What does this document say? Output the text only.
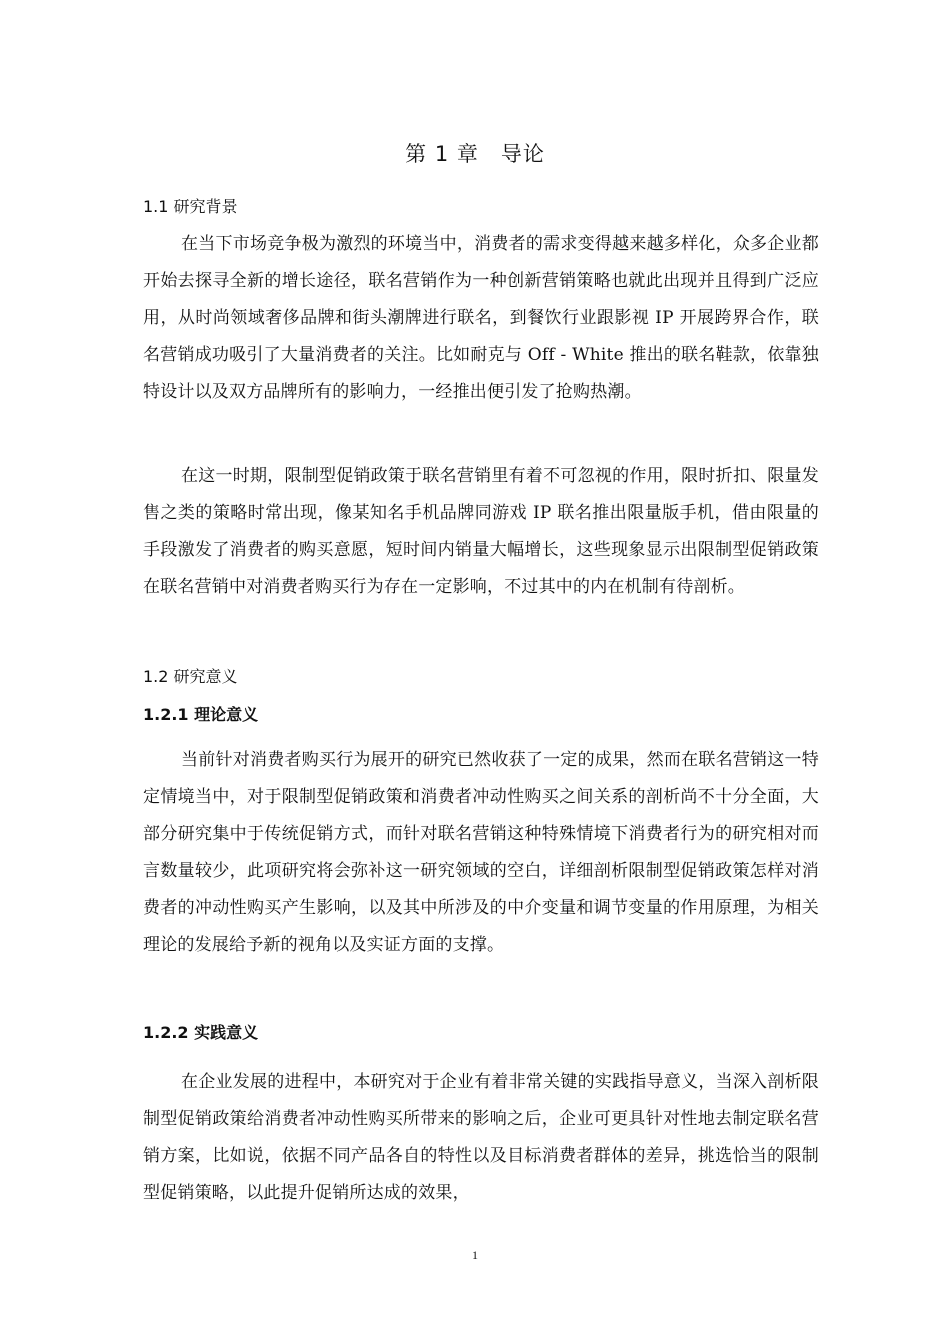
第 1 章　导论
1.1 研究背景

在当下市场竞争极为激烈的环境当中，消费者的需求变得越来越多样化，众多企业都开始去探寻全新的增长途径，联名营销作为一种创新营销策略也就此出现并且得到广泛应用，从时尚领域奢侈品牌和街头潮牌进行联名，到餐饮行业跟影视 IP 开展跨界合作，联名营销成功吸引了大量消费者的关注。比如耐克与 Off - White 推出的联名鞋款，依靠独特设计以及双方品牌所有的影响力，一经推出便引发了抢购热潮。

在这一时期，限制型促销政策于联名营销里有着不可忽视的作用，限时折扣、限量发售之类的策略时常出现，像某知名手机品牌同游戏 IP 联名推出限量版手机，借由限量的手段激发了消费者的购买意愿，短时间内销量大幅增长，这些现象显示出限制型促销政策在联名营销中对消费者购买行为存在一定影响，不过其中的内在机制有待剖析。

1.2 研究意义
1.2.1 理论意义

当前针对消费者购买行为展开的研究已然收获了一定的成果，然而在联名营销这一特定情境当中，对于限制型促销政策和消费者冲动性购买之间关系的剖析尚不十分全面，大部分研究集中于传统促销方式，而针对联名营销这种特殊情境下消费者行为的研究相对而言数量较少，此项研究将会弥补这一研究领域的空白，详细剖析限制型促销政策怎样对消费者的冲动性购买产生影响，以及其中所涉及的中介变量和调节变量的作用原理，为相关理论的发展给予新的视角以及实证方面的支撑。

1.2.2 实践意义

在企业发展的进程中，本研究对于企业有着非常关键的实践指导意义，当深入剖析限制型促销政策给消费者冲动性购买所带来的影响之后，企业可更具针对性地去制定联名营销方案，比如说，依据不同产品各自的特性以及目标消费者群体的差异，挑选恰当的限制型促销策略，以此提升促销所达成的效果，

1
